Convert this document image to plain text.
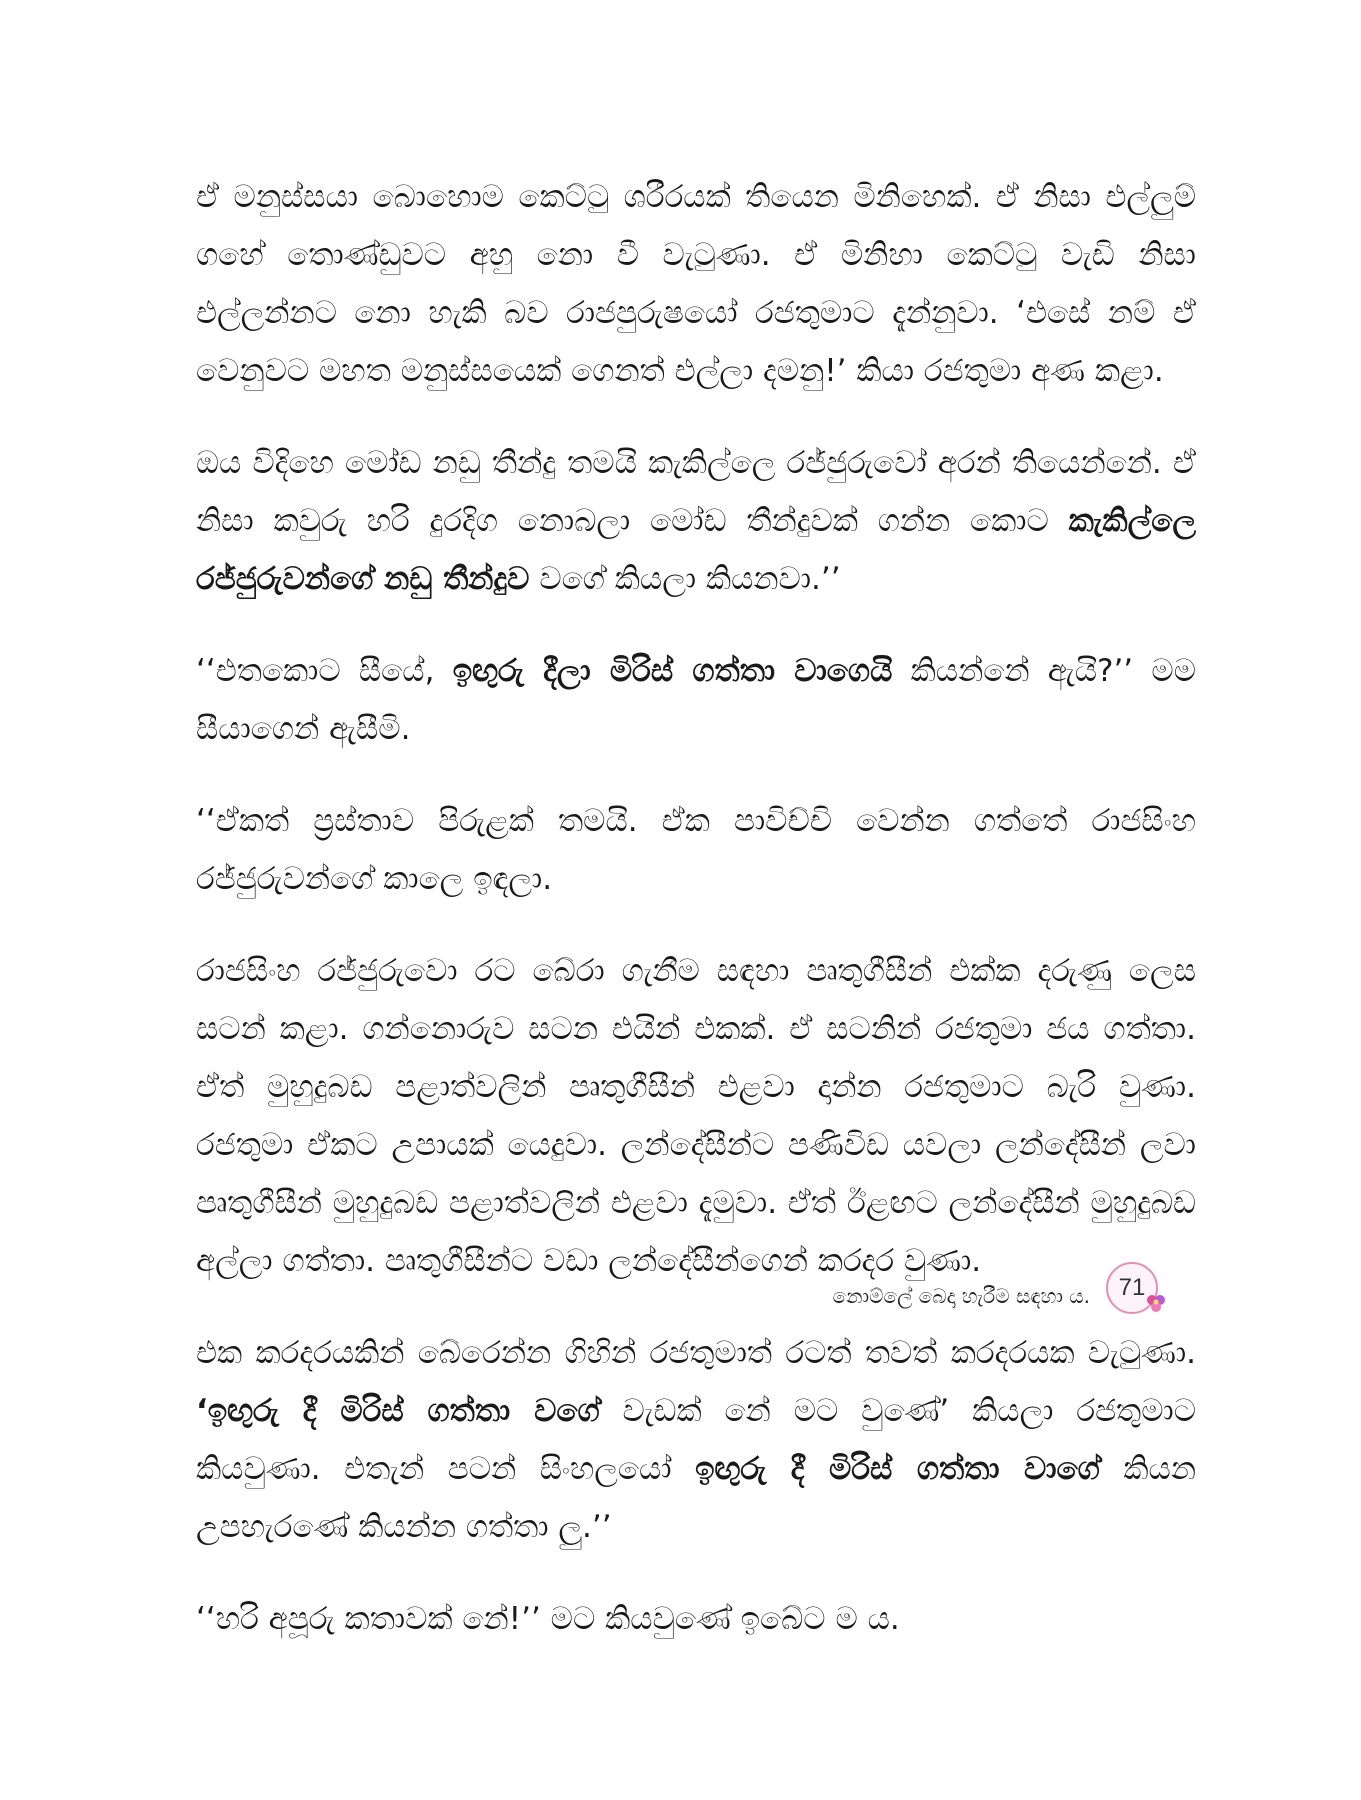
ඒ මනුස්සයා බොහොම කෙට්ටු ශරීරයක් තියෙන මිනිහෙක්. ඒ නිසා එල්ලුම් ගහේ තොණ්ඩුවට අහු නො වී වැටුණා. ඒ මිනිහා කෙට්ටු වැඩි නිසා එල්ලන්නට නො හැකි බව රාජපුරුෂයෝ රජතුමාට දැන්නුවා. ‘එසේ නම් ඒ වෙනුවට මහත මනුස්සයෙක් ගෙනත් එල්ලා දමනු!’ කියා රජතුමා අණ කළා.

ඔය විදිහෙ මෝඩ නඩු තීන්දු තමයි කැකිල්ලෙ රජ්ජුරුවෝ අරන් තියෙන්නේ. ඒ නිසා කවුරු හරි දුරදිග නොබලා මෝඩ තීන්දුවක් ගන්න කොට කැකිල්ලෙ රජ්ජුරුවන්ගේ නඩු තීන්දුව වගේ කියලා කියනවා.’’

‘‘එතකොට සීයේ, ඉඟුරු දීලා මිරිස් ගත්තා වාගෙයි කියන්නේ ඇයි?’’ මම සීයාගෙන් ඇසීමි.

‘‘ඒකත් ප්‍රස්තාව පිරුළක් තමයි. ඒක පාවිච්චි වෙන්න ගත්තේ රාජසිංහ රජ්ජුරුවන්ගේ කාලෙ ඉඳලා.

රාජසිංහ රජ්ජුරුවො රට බේරා ගැනීම සඳහා පෘතුගීසීන් එක්ක දරුණු ලෙස සටන් කළා. ගන්නොරුව සටන එයින් එකක්. ඒ සටනින් රජතුමා ජය ගත්තා. ඒත් මුහුදුබඩ පළාත්වලින් පෘතුගීසීන් එළවා දාන්න රජතුමාට බැරි වුණා. රජතුමා ඒකට උපායක් යෙදුවා. ලන්දේසීන්ට පණිවිඩ යවලා ලන්දේසීන් ලවා පෘතුගීසීන් මුහුදුබඩ පළාත්වලින් එළවා දැමුවා. ඒත් ඊළඟට ලන්දේසීන් මුහුදුබඩ අල්ලා ගත්තා. පෘතුගීසීන්ට වඩා ලන්දේසීන්ගෙන් කරදර වුණා.

එක කරදරයකින් බේරෙන්න ගිහින් රජතුමාත් රටත් තවත් කරදරයක වැටුණා. ‘ඉඟුරු දී මිරිස් ගත්තා වගේ වැඩක් නේ මට වුණේ’ කියලා රජතුමාට කියවුණා. එතැන් පටන් සිංහලයෝ ඉඟුරු දී මිරිස් ගත්තා වාගේ කියන උපහැරණේ කියන්න ගත්තා ලු.’’

‘‘හරි අපූරු කතාවක් නේ!’’ මට කියවුණේ ඉබේට ම ය.

නොම්ලේ බෙදා හැරීම සඳහා ය.	71
